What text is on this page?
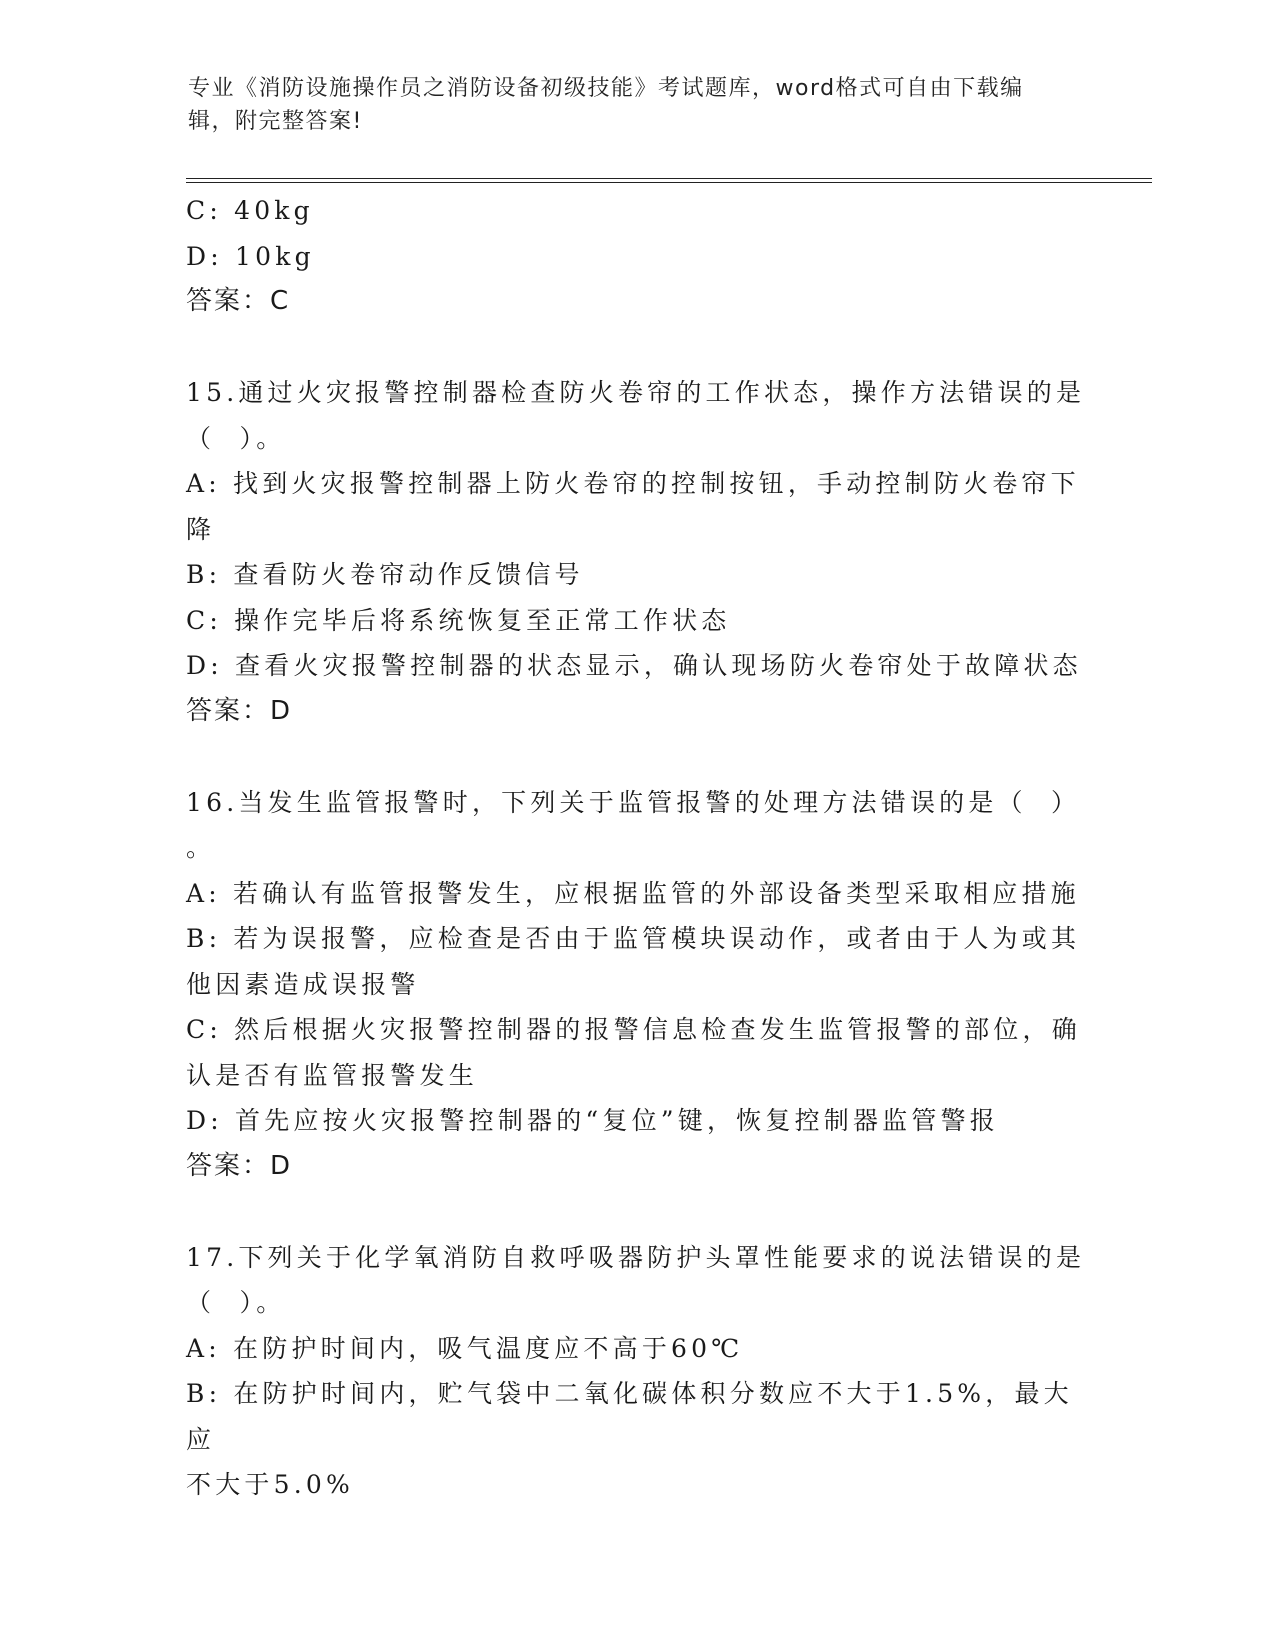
专业《消防设施操作员之消防设备初级技能》考试题库，word格式可自由下载编
辑，附完整答案!

C: 40kg

D: 10kg

答案：C

15.通过火灾报警控制器检查防火卷帘的工作状态，操作方法错误的是

（  ）。

A: 找到火灾报警控制器上防火卷帘的控制按钮，手动控制防火卷帘下

降

B: 查看防火卷帘动作反馈信号

C: 操作完毕后将系统恢复至正常工作状态

D: 查看火灾报警控制器的状态显示，确认现场防火卷帘处于故障状态

答案：D

16.当发生监管报警时，下列关于监管报警的处理方法错误的是（  ）

。

A: 若确认有监管报警发生，应根据监管的外部设备类型采取相应措施

B: 若为误报警，应检查是否由于监管模块误动作，或者由于人为或其

他因素造成误报警

C: 然后根据火灾报警控制器的报警信息检查发生监管报警的部位，确

认是否有监管报警发生

D: 首先应按火灾报警控制器的“复位”键，恢复控制器监管警报

答案：D

17.下列关于化学氧消防自救呼吸器防护头罩性能要求的说法错误的是

（  ）。

A: 在防护时间内，吸气温度应不高于60℃

B: 在防护时间内，贮气袋中二氧化碳体积分数应不大于1.5%，最大应

不大于5.0%
